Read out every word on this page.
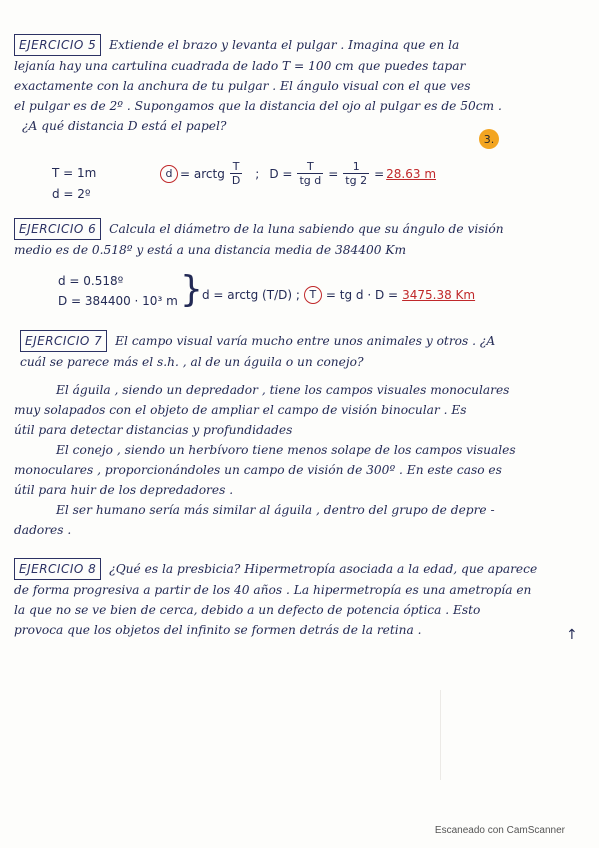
EJERCICIO 5 Extiende el brazo y levanta el pulgar . Imagina que en la
lejanía hay una cartulina cuadrada de lado T = 100 cm que puedes tapar
exactamente con la anchura de tu pulgar . El ángulo visual con el que ves
el pulgar es de 2º . Supongamos que la distancia del ojo al pulgar es de 50cm .
¿A qué distancia D está el papel?
3.
T = 1m
d = 2º
d = arctg $\frac{T}{D}$ ; $D = \frac{T}{\text{tg d}} = \frac{1}{tg 2} = 28.63$ m
EJERCICIO 6 Calcula el diámetro de la luna sabiendo que su ángulo de visión
medio es de 0.518º y está a una distancia media de 384400 Km
d = 0.518º
D = 384400 · 10³ m } d = arctg (T/D) ; T = tg d · D = 3475.38 Km
EJERCICIO 7 El campo visual varía mucho entre unos animales y otros . ¿A
cuál se parece más el s.h. , al de un águila o un conejo?
El águila , siendo un depredador , tiene los campos visuales monoculares
muy solapados con el objeto de ampliar el campo de visión binocular . Es
útil para detectar distancias y profundidades
El conejo , siendo un herbívoro tiene menos solape de los campos visuales
monoculares , proporcionándoles un campo de visión de 300º . En este caso es
útil para huir de los depredadores .
El ser humano sería más similar al águila , dentro del grupo de depre -
dadores .
EJERCICIO 8 ¿Qué es la presbicia? Hipermetropía asociada a la edad, que aparece
de forma progresiva a partir de los 40 años . La hipermetropía es una ametropía en
la que no se ve bien de cerca, debido a un defecto de potencia óptica . Esto
provoca que los objetos del infinito se formen detrás de la retina .	↑
Escaneado con CamScanner
